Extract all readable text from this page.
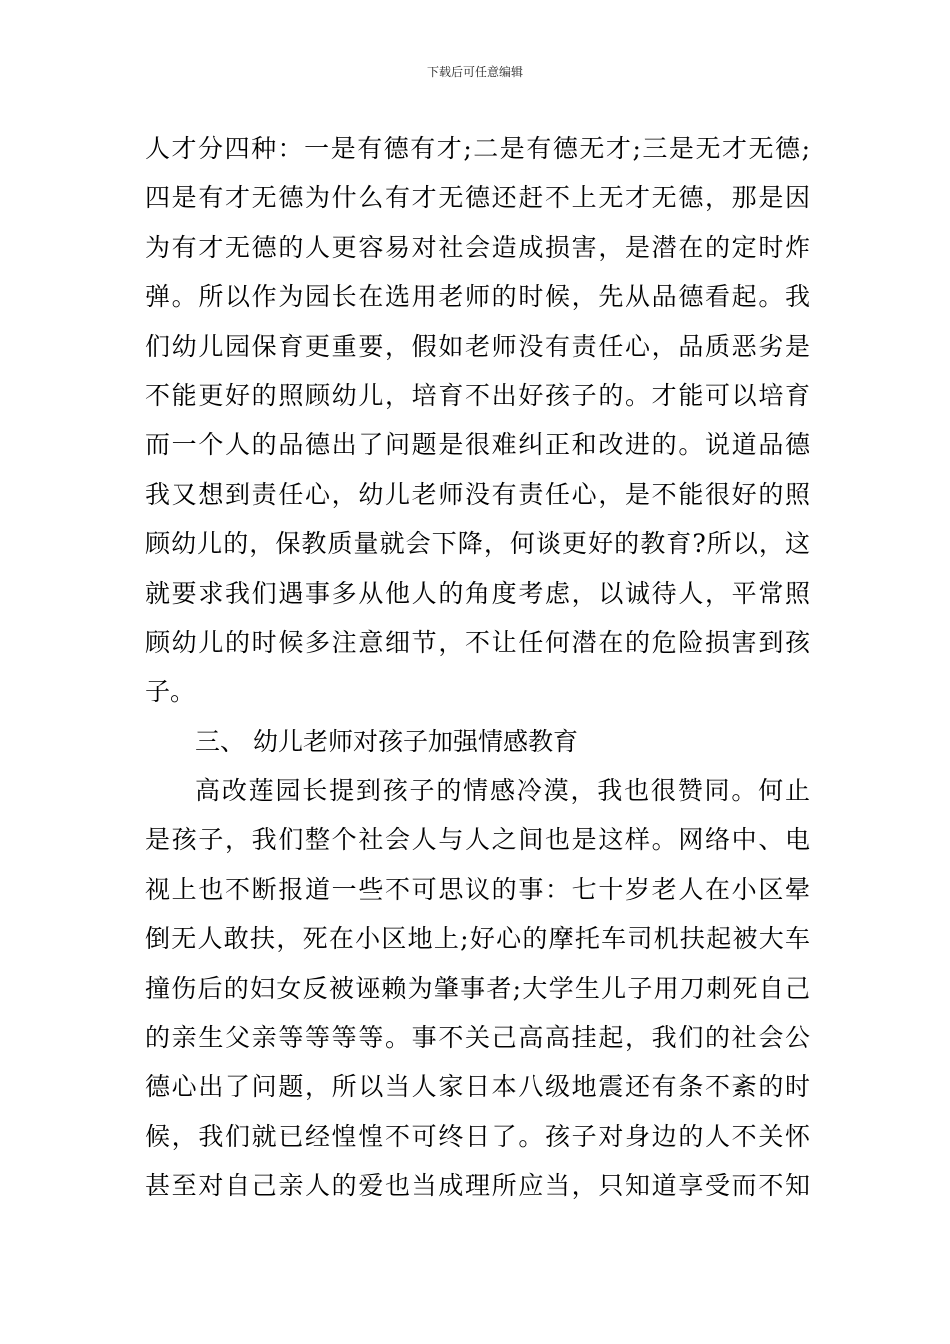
下载后可任意编辑
人才分四种：一是有德有才;二是有德无才;三是无才无德;
四是有才无德为什么有才无德还赶不上无才无德，那是因
为有才无德的人更容易对社会造成损害，是潜在的定时炸
弹。所以作为园长在选用老师的时候，先从品德看起。我
们幼儿园保育更重要，假如老师没有责任心，品质恶劣是
不能更好的照顾幼儿，培育不出好孩子的。才能可以培育
而一个人的品德出了问题是很难纠正和改进的。说道品德
我又想到责任心，幼儿老师没有责任心，是不能很好的照
顾幼儿的，保教质量就会下降，何谈更好的教育?所以，这
就要求我们遇事多从他人的角度考虑，以诚待人，平常照
顾幼儿的时候多注意细节，不让任何潜在的危险损害到孩
子。
三、 幼儿老师对孩子加强情感教育
高改莲园长提到孩子的情感冷漠，我也很赞同。何止
是孩子，我们整个社会人与人之间也是这样。网络中、电
视上也不断报道一些不可思议的事：七十岁老人在小区晕
倒无人敢扶，死在小区地上;好心的摩托车司机扶起被大车
撞伤后的妇女反被诬赖为肇事者;大学生儿子用刀刺死自己
的亲生父亲等等等等。事不关己高高挂起，我们的社会公
德心出了问题，所以当人家日本八级地震还有条不紊的时
候，我们就已经惶惶不可终日了。孩子对身边的人不关怀
甚至对自己亲人的爱也当成理所应当，只知道享受而不知
